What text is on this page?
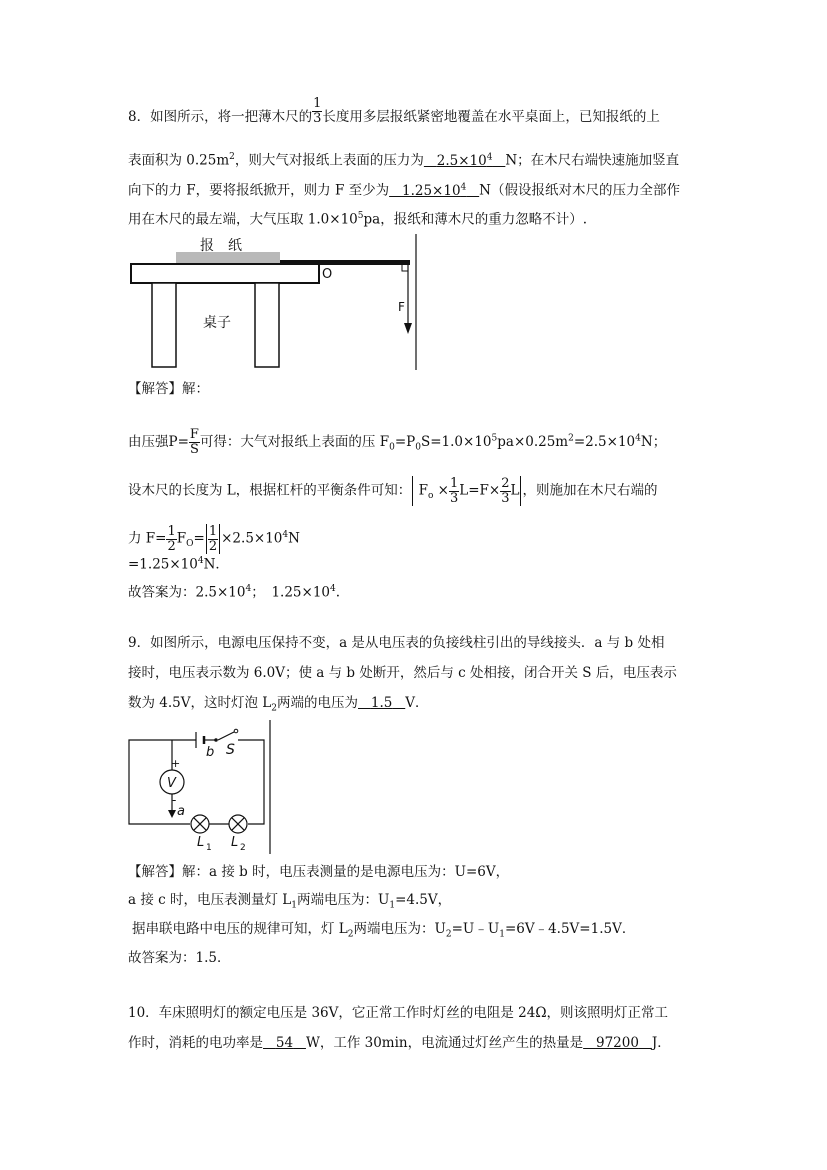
8．如图所示，将一把薄木尺的 $\frac{1}{3}$ 长度用多层报纸紧密地覆盖在水平桌面上，已知报纸的上
表面积为 $0.25m^2$，则大气对报纸上表面的压力为 $2.5\times 10^4$ N；在木尺右端快速施加竖直
向下的力 F，要将报纸掀开，则力 F 至少为 $1.25\times 10^4$ N（假设报纸对木尺的压力全部作
用在木尺的最左端，大气压取 $1.0\times 10^5pa$，报纸和薄木尺的重力忽略不计）.
报　纸
桌子
O
F
【解答】解：
由压强$P= \frac{F}{S}$ 可得：大气对报纸上表面的压 $F_0=P_0S=1.0\times 10^5pa\times 0.25m^2=2.5\times 10^4N$；
设木尺的长度为 L，根据杠杆的平衡条件可知： $F_o \times \frac{1}{3} L=F\times \frac{2}{3}$ L ，则施加在木尺右端的
力 $F= \frac{1}{2} F_O= \frac{1}{2} \times 2.5\times 10^4N$
$=1.25\times 10^4N$．
故答案为：$2.5\times 10^4$；　$1.25\times 10^4$.
9．如图所示，电源电压保持不变，a 是从电压表的负接线柱引出的导线接头．a 与 b 处相
接时，电压表示数为 6.0V；使 a 与 b 处断开，然后与 c 处相接，闭合开关 S 后，电压表示
数为 4.5V，这时灯泡 $L_2$两端的电压为 1.5 V．
b S
V
+
-
a
L 1 L 2
【解答】解：a 接 b 时，电压表测量的是电源电压为：U=6V，
a 接 c 时，电压表测量灯 $L_1$两端电压为：$U_1=4.5V$，
据串联电路中电压的规律可知，灯 $L_2$两端电压为：$U_2=U﹣U_1=6V﹣4.5V=1.5V$．
故答案为：1.5．
10．车床照明灯的额定电压是 36V，它正常工作时灯丝的电阻是 24Ω，则该照明灯正常工
作时，消耗的电功率是 54 W，工作 30min，电流通过灯丝产生的热量是 97200 J．
